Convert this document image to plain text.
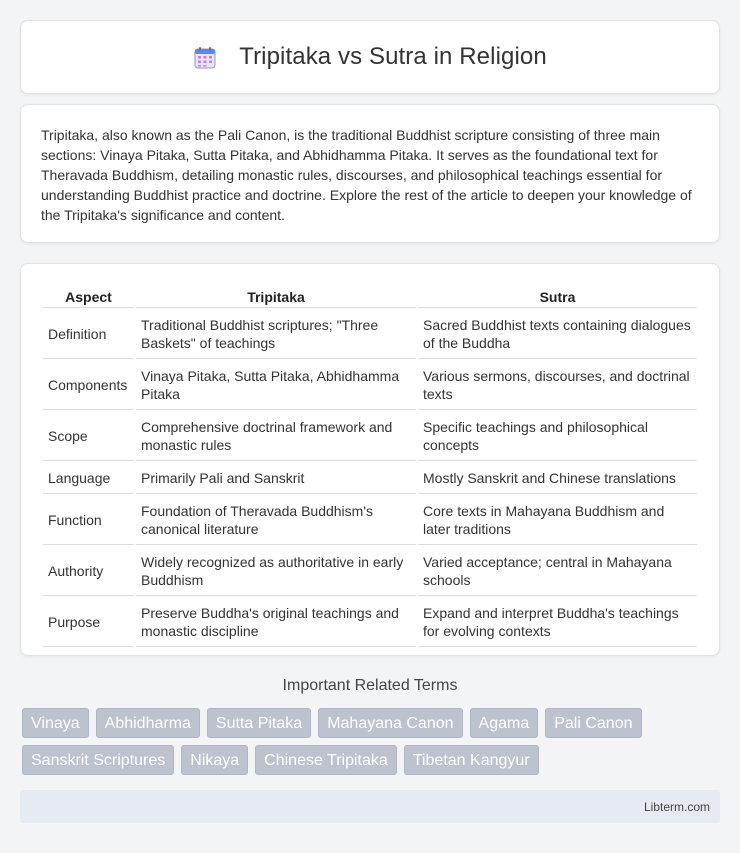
Tripitaka vs Sutra in Religion

Tripitaka, also known as the Pali Canon, is the traditional Buddhist scripture consisting of three main sections: Vinaya Pitaka, Sutta Pitaka, and Abhidhamma Pitaka. It serves as the foundational text for Theravada Buddhism, detailing monastic rules, discourses, and philosophical teachings essential for understanding Buddhist practice and doctrine. Explore the rest of the article to deepen your knowledge of the Tripitaka's significance and content.

Aspect	Tripitaka	Sutra
Definition	Traditional Buddhist scriptures; "Three Baskets" of teachings	Sacred Buddhist texts containing dialogues of the Buddha
Components	Vinaya Pitaka, Sutta Pitaka, Abhidhamma Pitaka	Various sermons, discourses, and doctrinal texts
Scope	Comprehensive doctrinal framework and monastic rules	Specific teachings and philosophical concepts
Language	Primarily Pali and Sanskrit	Mostly Sanskrit and Chinese translations
Function	Foundation of Theravada Buddhism's canonical literature	Core texts in Mahayana Buddhism and later traditions
Authority	Widely recognized as authoritative in early Buddhism	Varied acceptance; central in Mahayana schools
Purpose	Preserve Buddha's original teachings and monastic discipline	Expand and interpret Buddha's teachings for evolving contexts
Important Related Terms
Vinaya	Abhidharma	Sutta Pitaka	Mahayana Canon	Agama	Pali Canon
Sanskrit Scriptures	Nikaya	Chinese Tripitaka	Tibetan Kangyur
Libterm.com
